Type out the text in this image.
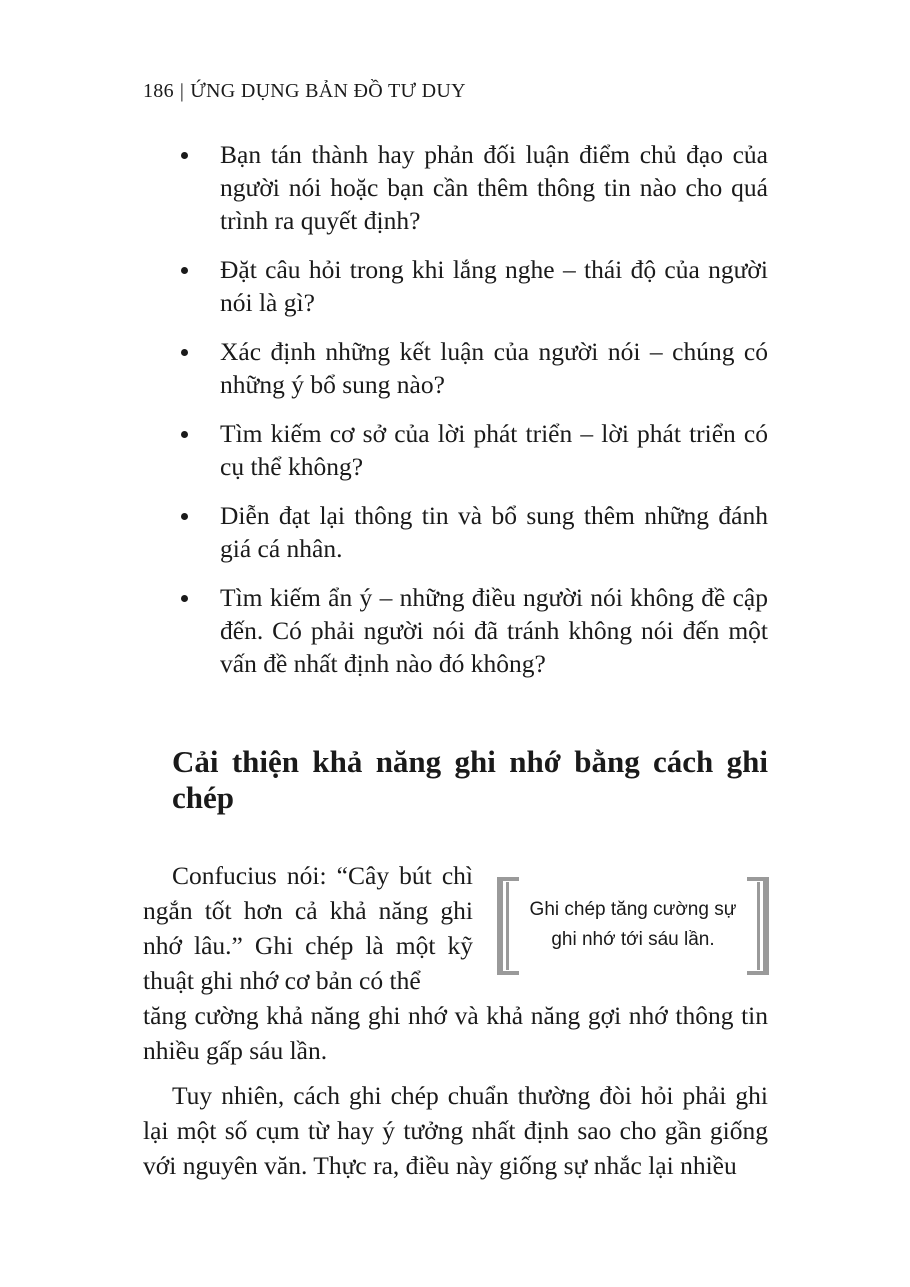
186 | ỨNG DỤNG BẢN ĐỒ TƯ DUY
Bạn tán thành hay phản đối luận điểm chủ đạo của người nói hoặc bạn cần thêm thông tin nào cho quá trình ra quyết định?
Đặt câu hỏi trong khi lắng nghe – thái độ của người nói là gì?
Xác định những kết luận của người nói – chúng có những ý bổ sung nào?
Tìm kiếm cơ sở của lời phát triển – lời phát triển có cụ thể không?
Diễn đạt lại thông tin và bổ sung thêm những đánh giá cá nhân.
Tìm kiếm ẩn ý – những điều người nói không đề cập đến. Có phải người nói đã tránh không nói đến một vấn đề nhất định nào đó không?
Cải thiện khả năng ghi nhớ bằng cách ghi chép

Confucius nói: “Cây bút chì ngắn tốt hơn cả khả năng ghi nhớ lâu.” Ghi chép là một kỹ thuật ghi nhớ cơ bản có thể

tăng cường khả năng ghi nhớ và khả năng gợi nhớ thông tin nhiều gấp sáu lần.

Ghi chép tăng cường sự ghi nhớ tới sáu lần.

Tuy nhiên, cách ghi chép chuẩn thường đòi hỏi phải ghi lại một số cụm từ hay ý tưởng nhất định sao cho gần giống với nguyên văn. Thực ra, điều này giống sự nhắc lại nhiều
